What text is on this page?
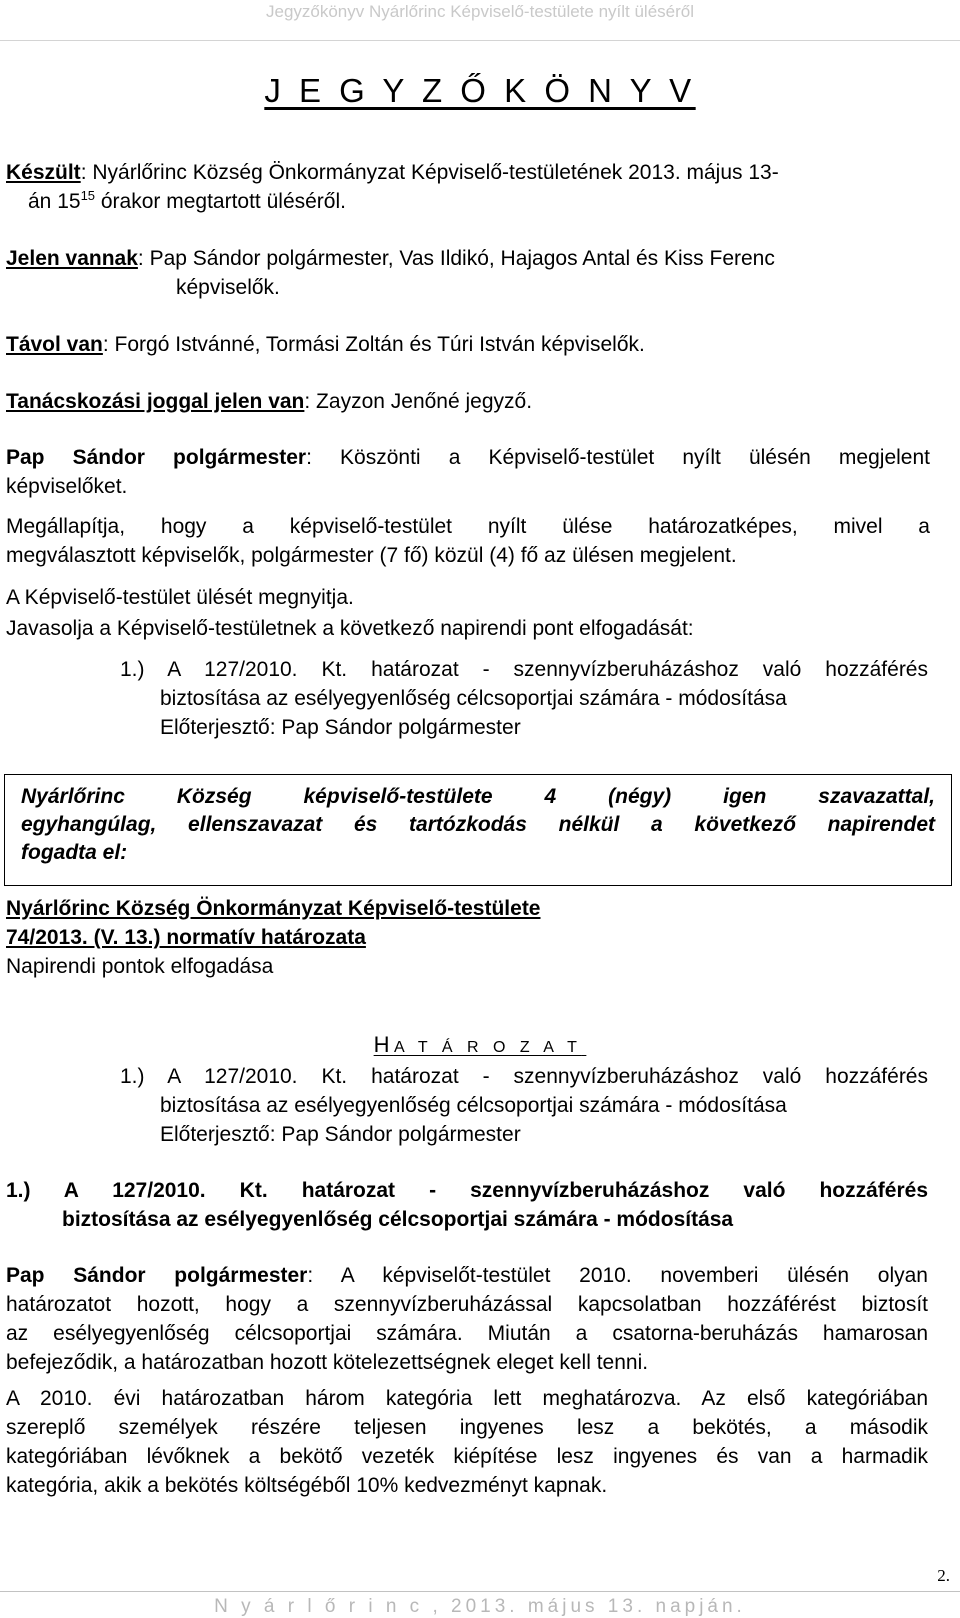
Jegyzőkönyv Nyárlőrinc Képviselő-testülete nyílt üléséről
J E G Y Z Ő K Ö N Y V
Készült: Nyárlőrinc Község Önkormányzat Képviselő-testületének 2013. május 13-
án $15^{15}$ órakor megtartott üléséről.
Jelen vannak: Pap Sándor polgármester, Vas Ildikó, Hajagos Antal és Kiss Ferenc
képviselők.
Távol van: Forgó Istvánné, Tormási Zoltán és Túri István képviselők.
Tanácskozási joggal jelen van: Zayzon Jenőné jegyző.
Pap Sándor polgármester: Köszönti a Képviselő-testület nyílt ülésén megjelent
képviselőket.
Megállapítja, hogy a képviselő-testület nyílt ülése határozatképes, mivel a
megválasztott képviselők, polgármester (7 fő) közül (4) fő az ülésen megjelent.
A Képviselő-testület ülését megnyitja.
Javasolja a Képviselő-testületnek a következő napirendi pont elfogadását:
1.) A 127/2010. Kt. határozat - szennyvízberuházáshoz való hozzáférés
biztosítása az esélyegyenlőség célcsoportjai számára - módosítása
Előterjesztő: Pap Sándor polgármester

Nyárlőrinc Község képviselő-testülete 4 (négy) igen szavazattal,

egyhangúlag, ellenszavazat és tartózkodás nélkül a következő napirendet

fogadta el:

Nyárlőrinc Község Önkormányzat Képviselő-testülete
74/2013. (V. 13.) normatív határozata
Napirendi pontok elfogadása
H A T Á R O Z A T
1.) A 127/2010. Kt. határozat - szennyvízberuházáshoz való hozzáférés
biztosítása az esélyegyenlőség célcsoportjai számára - módosítása
Előterjesztő: Pap Sándor polgármester
1.) A 127/2010. Kt. határozat - szennyvízberuházáshoz való hozzáférés
biztosítása az esélyegyenlőség célcsoportjai számára - módosítása
Pap Sándor polgármester: A képviselőt-testület 2010. novemberi ülésén olyan
határozatot hozott, hogy a szennyvízberuházással kapcsolatban hozzáférést biztosít
az esélyegyenlőség célcsoportjai számára. Miután a csatorna-beruházás hamarosan
befejeződik, a határozatban hozott kötelezettségnek eleget kell tenni.
A 2010. évi határozatban három kategória lett meghatározva. Az első kategóriában
szereplő személyek részére teljesen ingyenes lesz a bekötés, a második
kategóriában lévőknek a bekötő vezeték kiépítése lesz ingyenes és van a harmadik
kategória, akik a bekötés költségéből 10% kedvezményt kapnak.
2.
N y á r l ő r i n c , 2013. május 13. napján.
